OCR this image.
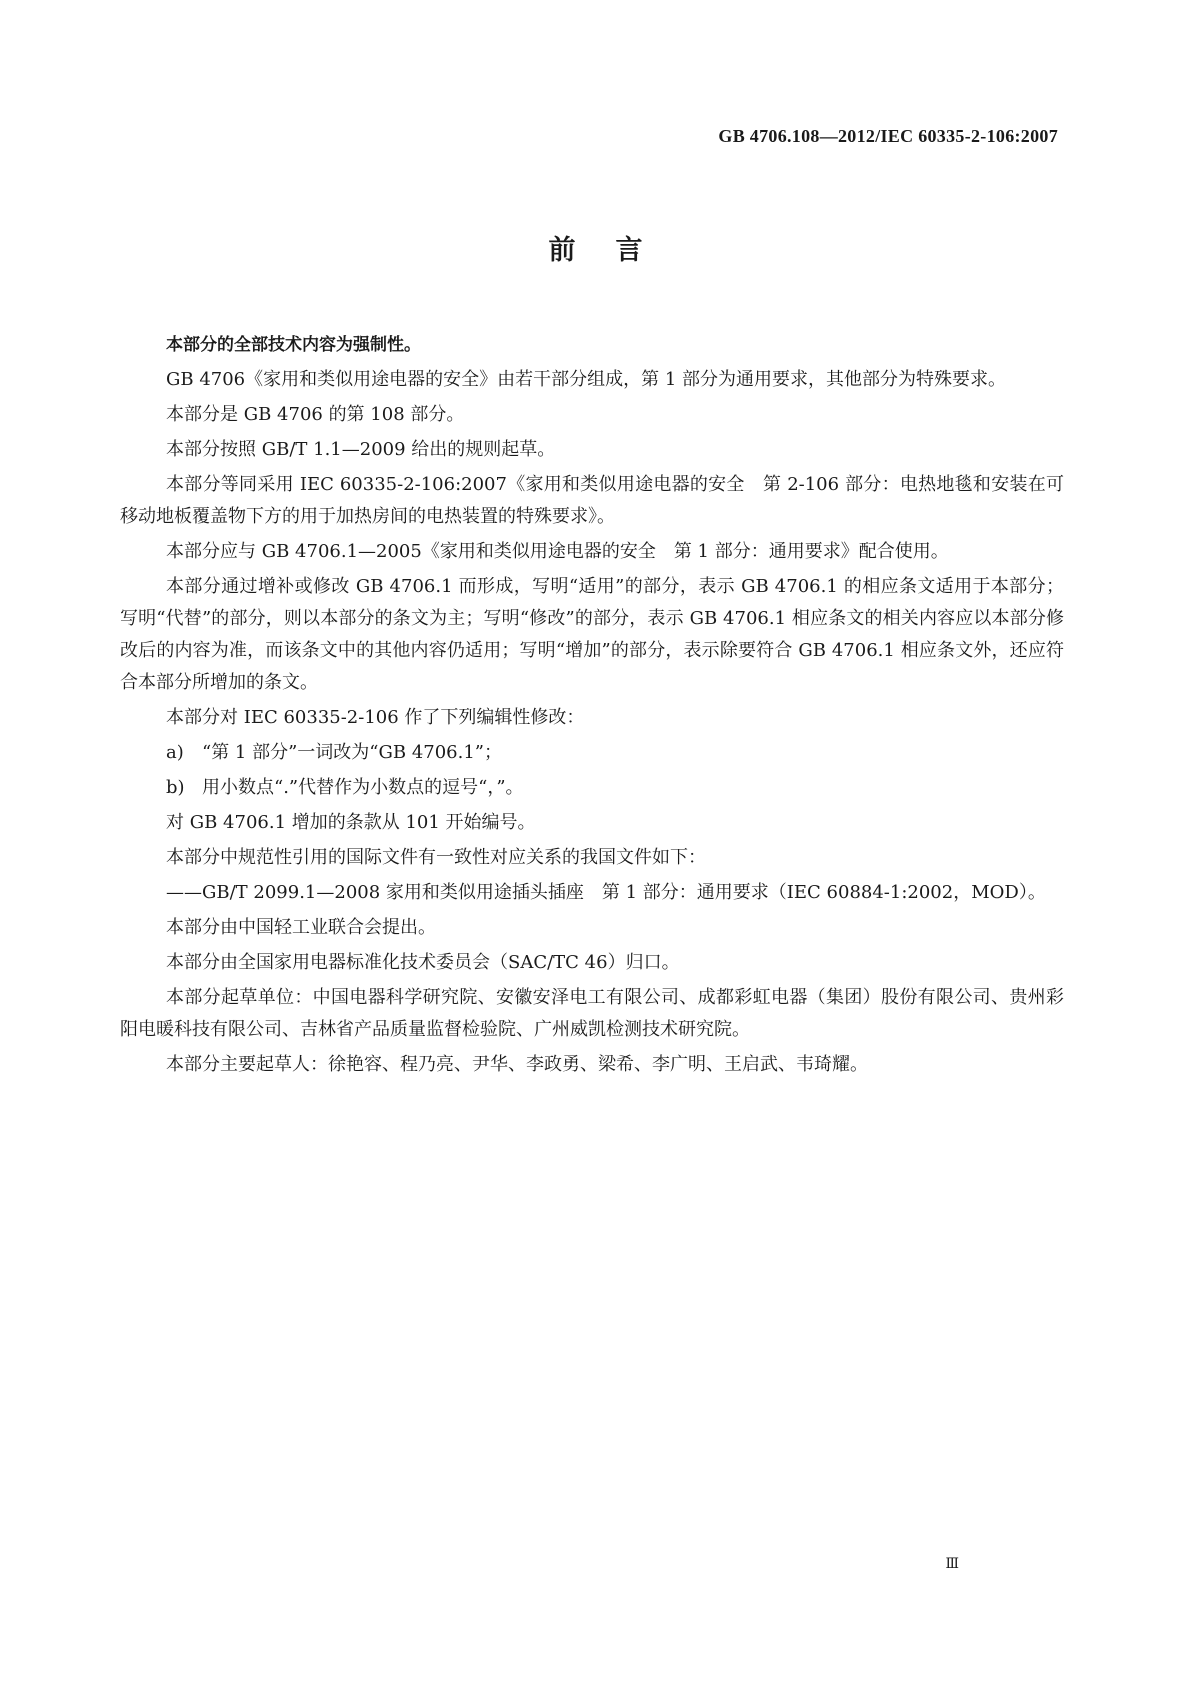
GB 4706.108—2012/IEC 60335-2-106:2007
前言

本部分的全部技术内容为强制性。

GB 4706《家用和类似用途电器的安全》由若干部分组成，第 1 部分为通用要求，其他部分为特殊要求。

本部分是 GB 4706 的第 108 部分。

本部分按照 GB/T 1.1—2009 给出的规则起草。

本部分等同采用 IEC 60335-2-106:2007《家用和类似用途电器的安全　第 2-106 部分：电热地毯和安装在可移动地板覆盖物下方的用于加热房间的电热装置的特殊要求》。

本部分应与 GB 4706.1—2005《家用和类似用途电器的安全　第 1 部分：通用要求》配合使用。

本部分通过增补或修改 GB 4706.1 而形成，写明“适用”的部分，表示 GB 4706.1 的相应条文适用于本部分；写明“代替”的部分，则以本部分的条文为主；写明“修改”的部分，表示 GB 4706.1 相应条文的相关内容应以本部分修改后的内容为准，而该条文中的其他内容仍适用；写明“增加”的部分，表示除要符合 GB 4706.1 相应条文外，还应符合本部分所增加的条文。

本部分对 IEC 60335-2-106 作了下列编辑性修改：

a) “第 1 部分”一词改为“GB 4706.1”；

b) 用小数点“.”代替作为小数点的逗号“，”。

对 GB 4706.1 增加的条款从 101 开始编号。

本部分中规范性引用的国际文件有一致性对应关系的我国文件如下：

——GB/T 2099.1—2008 家用和类似用途插头插座　第 1 部分：通用要求（IEC 60884-1:2002，MOD）。

本部分由中国轻工业联合会提出。

本部分由全国家用电器标准化技术委员会（SAC/TC 46）归口。

本部分起草单位：中国电器科学研究院、安徽安泽电工有限公司、成都彩虹电器（集团）股份有限公司、贵州彩阳电暖科技有限公司、吉林省产品质量监督检验院、广州威凯检测技术研究院。

本部分主要起草人：徐艳容、程乃亮、尹华、李政勇、梁希、李广明、王启武、韦琦耀。

Ⅲ
